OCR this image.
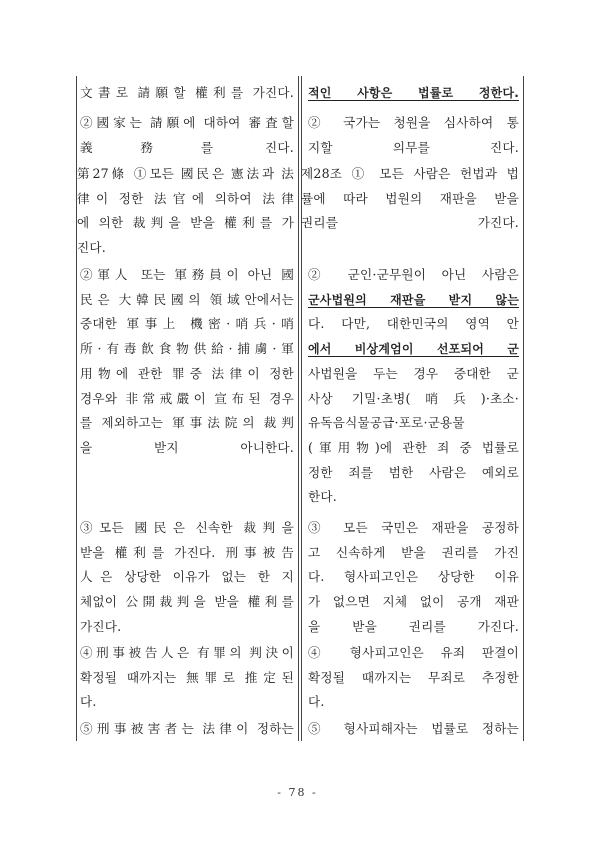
文書로 請願할 權利를 가진다.
②國家는 請願에 대하여 審査할
義務를 진다.
第27條 ①모든 國民은 憲法과 法
律이 정한 法官에 의하여 法律
에 의한 裁判을 받을 權利를 가
진다.
②軍人 또는 軍務員이 아닌 國
民은 大韓民國의 領域안에서는
중대한 軍事上 機密·哨兵·哨
所·有毒飮食物供給·捕虜·軍
用物에 관한 罪중 法律이 정한
경우와 非常戒嚴이 宣布된 경우
를 제외하고는 軍事法院의 裁判
을 받지 아니한다.
③모든 國民은 신속한 裁判을
받을 權利를 가진다. 刑事被告
人은 상당한 이유가 없는 한 지
체없이 公開裁判을 받을 權利를
가진다.
④刑事被告人은 有罪의 判決이
확정될 때까지는 無罪로 推定된
다.
⑤刑事被害者는 法律이 정하는
적인 사항은 법률로 정한다.
② 국가는 청원을 심사하여 통
지할 의무를 진다.
제28조 ① 모든 사람은 헌법과 법
률에 따라 법원의 재판을 받을
권리를 가진다.
② 군인·군무원이 아닌 사람은
군사법원의 재판을 받지 않는
다. 다만, 대한민국의 영역 안
에서 비상계엄이 선포되어 군
사법원을 두는 경우 중대한 군
사상 기밀·초병(哨兵)·초소·
유독음식물공급·포로·군용물
(軍用物)에 관한 죄 중 법률로
정한 죄를 범한 사람은 예외로
한다.
③ 모든 국민은 재판을 공정하
고 신속하게 받을 권리를 가진
다. 형사피고인은 상당한 이유
가 없으면 지체 없이 공개 재판
을 받을 권리를 가진다.
④ 형사피고인은 유죄 판결이
확정될 때까지는 무죄로 추정한
다.
⑤ 형사피해자는 법률로 정하는
- 78 -
